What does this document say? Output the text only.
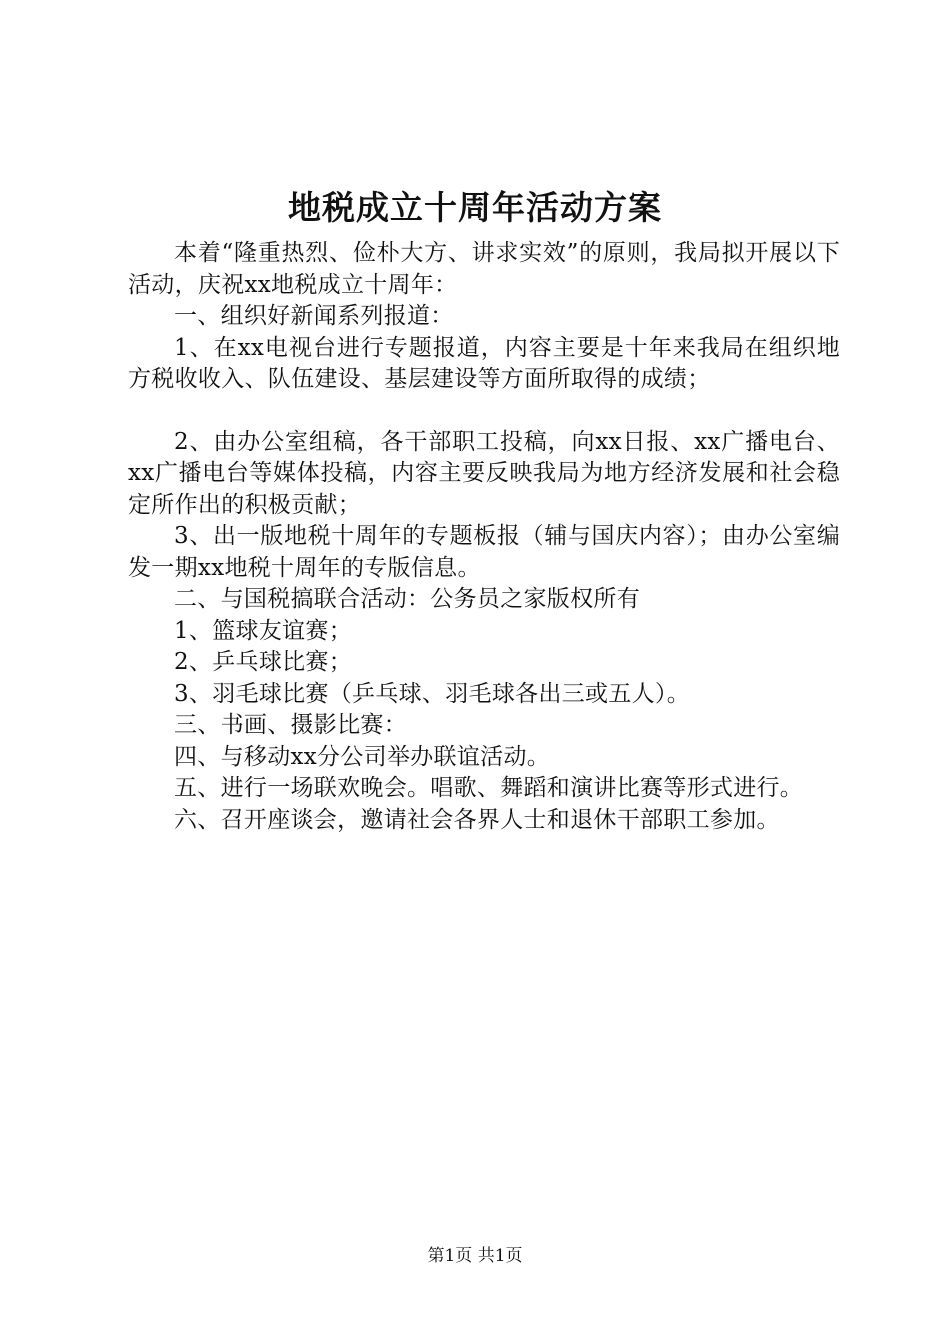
地税成立十周年活动方案

本着“隆重热烈、俭朴大方、讲求实效”的原则，我局拟开展以下活动，庆祝xx地税成立十周年：

一、组织好新闻系列报道：

1、在xx电视台进行专题报道，内容主要是十年来我局在组织地方税收收入、队伍建设、基层建设等方面所取得的成绩；

2、由办公室组稿，各干部职工投稿，向xx日报、xx广播电台、xx广播电台等媒体投稿，内容主要反映我局为地方经济发展和社会稳定所作出的积极贡献；

3、出一版地税十周年的专题板报（辅与国庆内容）；由办公室编发一期xx地税十周年的专版信息。

二、与国税搞联合活动：公务员之家版权所有

1、篮球友谊赛；

2、乒乓球比赛；

3、羽毛球比赛（乒乓球、羽毛球各出三或五人）。

三、书画、摄影比赛：

四、与移动xx分公司举办联谊活动。

五、进行一场联欢晚会。唱歌、舞蹈和演讲比赛等形式进行。

六、召开座谈会，邀请社会各界人士和退休干部职工参加。

第1页 共1页
